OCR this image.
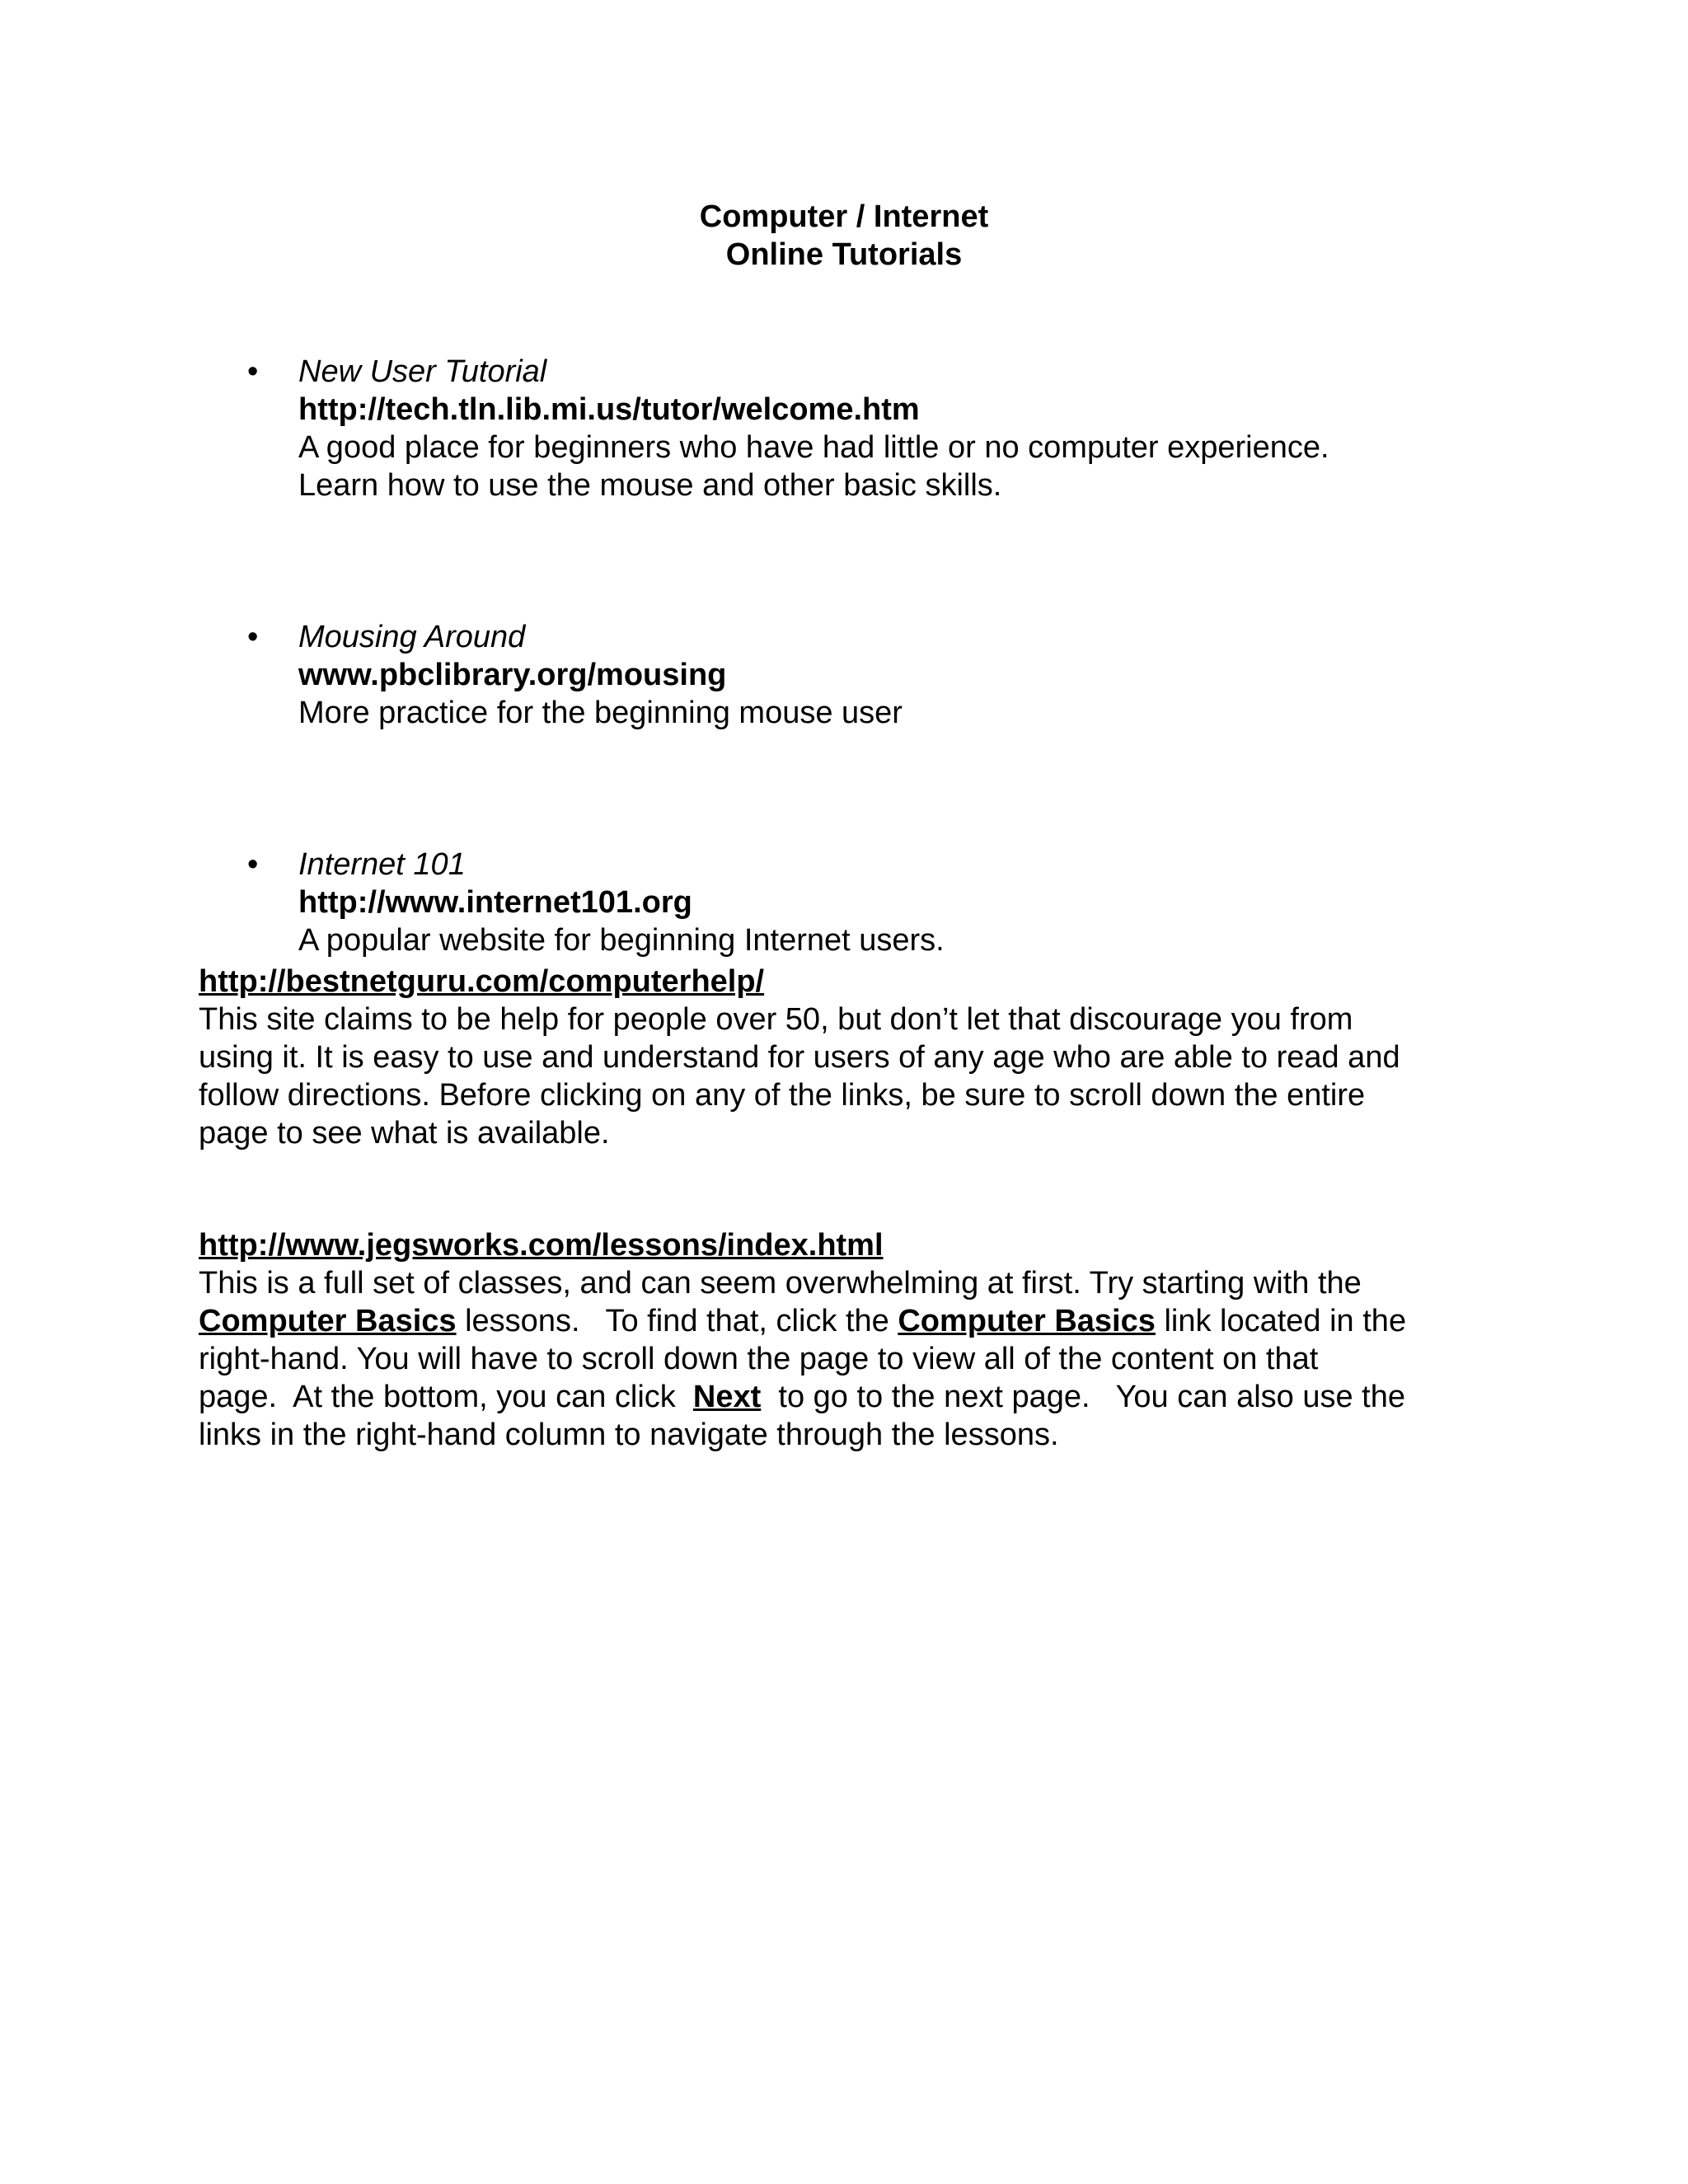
Computer / Internet
Online Tutorials
•	New User Tutorial
http://tech.tln.lib.mi.us/tutor/welcome.htm
A good place for beginners who have had little or no computer experience.
Learn how to use the mouse and other basic skills.
•	Mousing Around
www.pbclibrary.org/mousing
More practice for the beginning mouse user
•	Internet 101
http://www.internet101.org
A popular website for beginning Internet users.
http://bestnetguru.com/computerhelp/
This site claims to be help for people over 50, but don’t let that discourage you from
using it. It is easy to use and understand for users of any age who are able to read and
follow directions. Before clicking on any of the links, be sure to scroll down the entire
page to see what is available.
http://www.jegsworks.com/lessons/index.html
This is a full set of classes, and can seem overwhelming at first. Try starting with the
Computer Basics lessons.   To find that, click the Computer Basics link located in the
right-hand. You will have to scroll down the page to view all of the content on that
page.  At the bottom, you can click  Next  to go to the next page.   You can also use the
links in the right-hand column to navigate through the lessons.
